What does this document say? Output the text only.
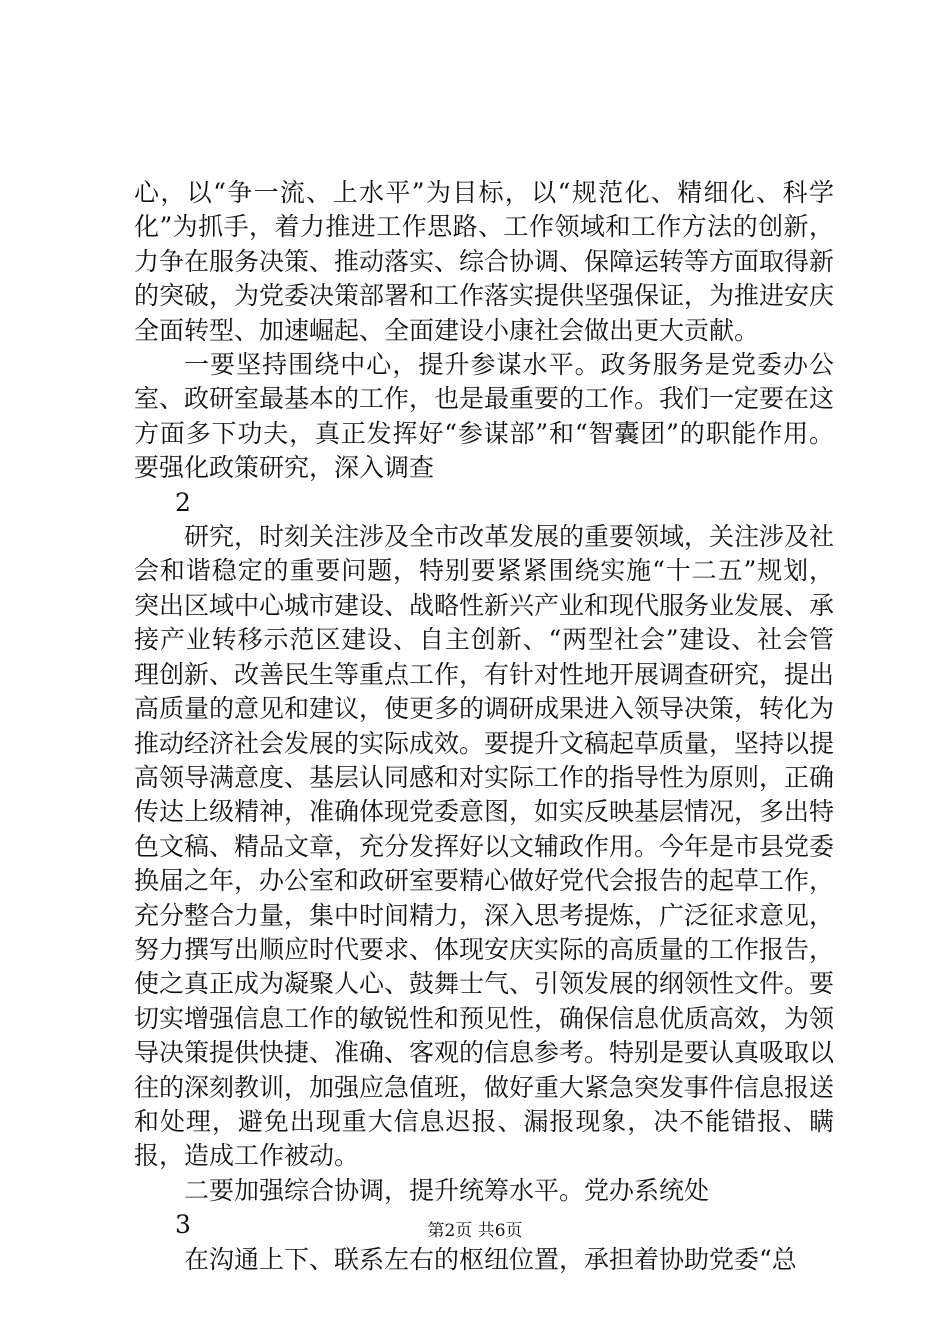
心，以“争一流、上水平”为目标，以“规范化、精细化、科学化”为抓手，着力推进工作思路、工作领域和工作方法的创新，力争在服务决策、推动落实、综合协调、保障运转等方面取得新的突破，为党委决策部署和工作落实提供坚强保证，为推进安庆全面转型、加速崛起、全面建设小康社会做出更大贡献。

一要坚持围绕中心，提升参谋水平。政务服务是党委办公室、政研室最基本的工作，也是最重要的工作。我们一定要在这方面多下功夫，真正发挥好“参谋部”和“智囊团”的职能作用。要强化政策研究，深入调查

2

研究，时刻关注涉及全市改革发展的重要领域，关注涉及社会和谐稳定的重要问题，特别要紧紧围绕实施“十二五”规划，突出区域中心城市建设、战略性新兴产业和现代服务业发展、承接产业转移示范区建设、自主创新、“两型社会”建设、社会管理创新、改善民生等重点工作，有针对性地开展调查研究，提出高质量的意见和建议，使更多的调研成果进入领导决策，转化为推动经济社会发展的实际成效。要提升文稿起草质量，坚持以提高领导满意度、基层认同感和对实际工作的指导性为原则，正确传达上级精神，准确体现党委意图，如实反映基层情况，多出特色文稿、精品文章，充分发挥好以文辅政作用。今年是市县党委换届之年，办公室和政研室要精心做好党代会报告的起草工作，充分整合力量，集中时间精力，深入思考提炼，广泛征求意见，努力撰写出顺应时代要求、体现安庆实际的高质量的工作报告，使之真正成为凝聚人心、鼓舞士气、引领发展的纲领性文件。要切实增强信息工作的敏锐性和预见性，确保信息优质高效，为领导决策提供快捷、准确、客观的信息参考。特别是要认真吸取以往的深刻教训，加强应急值班，做好重大紧急突发事件信息报送和处理，避免出现重大信息迟报、漏报现象，决不能错报、瞒报，造成工作被动。

二要加强综合协调，提升统筹水平。党办系统处

3

在沟通上下、联系左右的枢纽位置，承担着协助党委“总

第2页 共6页
